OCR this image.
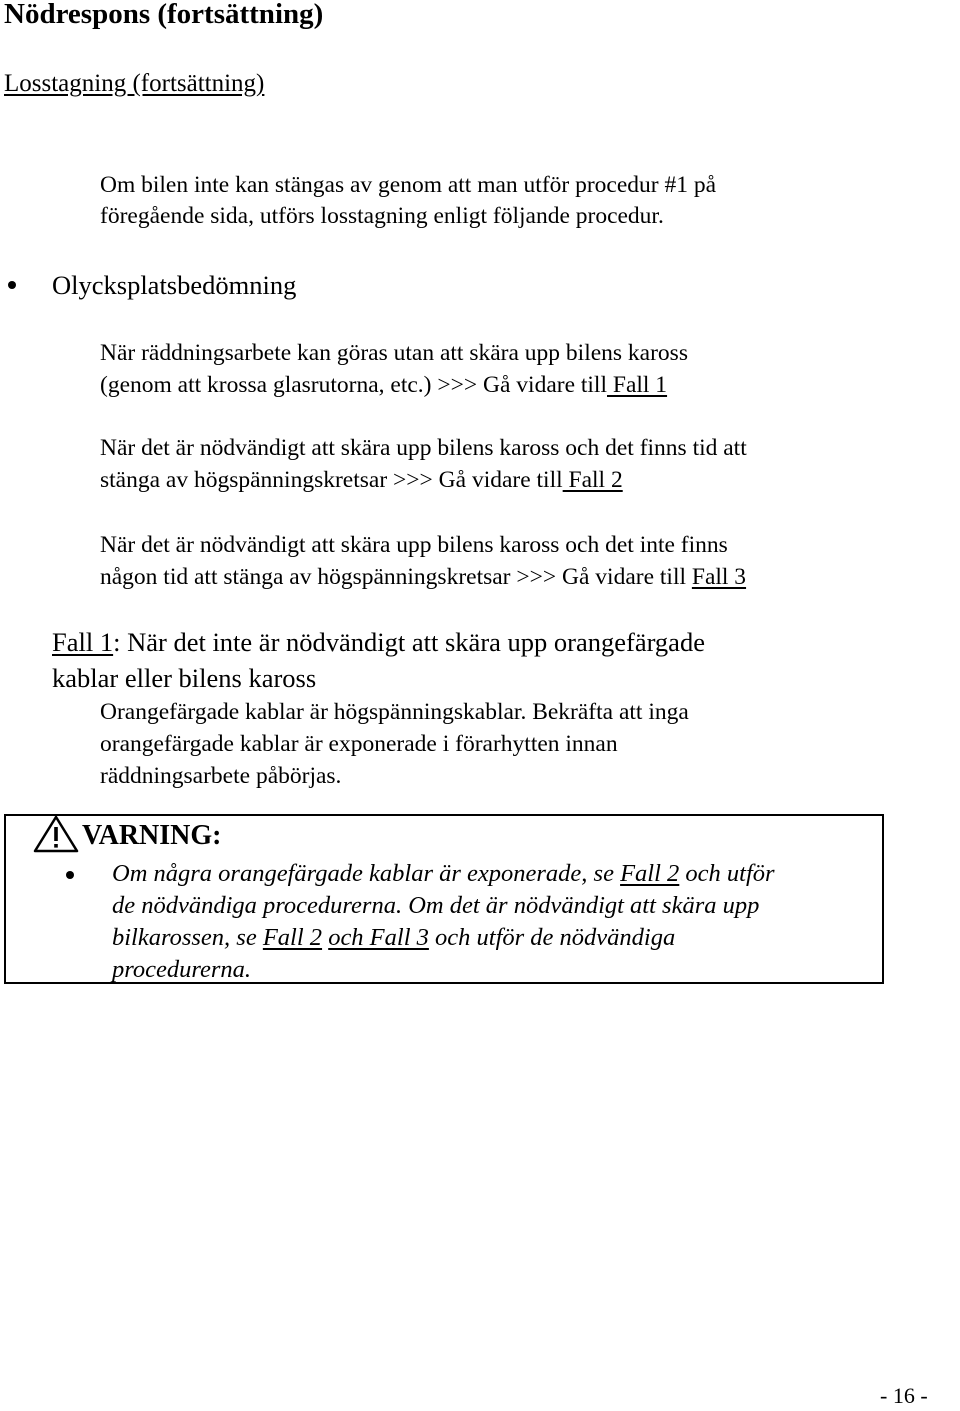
Nödrespons (fortsättning)
Losstagning (fortsättning)
Om bilen inte kan stängas av genom att man utför procedur #1 på
föregående sida, utförs losstagning enligt följande procedur.
Olycksplatsbedömning
När räddningsarbete kan göras utan att skära upp bilens kaross
(genom att krossa glasrutorna, etc.) >>> Gå vidare till Fall 1
När det är nödvändigt att skära upp bilens kaross och det finns tid att
stänga av högspänningskretsar >>> Gå vidare till Fall 2
När det är nödvändigt att skära upp bilens kaross och det inte finns
någon tid att stänga av högspänningskretsar >>> Gå vidare till Fall 3
Fall 1: När det inte är nödvändigt att skära upp orangefärgade
kablar eller bilens kaross
Orangefärgade kablar är högspänningskablar. Bekräfta att inga
orangefärgade kablar är exponerade i förarhytten innan
räddningsarbete påbörjas.
VARNING:
Om några orangefärgade kablar är exponerade, se Fall 2 och utför
de nödvändiga procedurerna. Om det är nödvändigt att skära upp
bilkarossen, se Fall 2 och Fall 3 och utför de nödvändiga
procedurerna.
- 16 -
